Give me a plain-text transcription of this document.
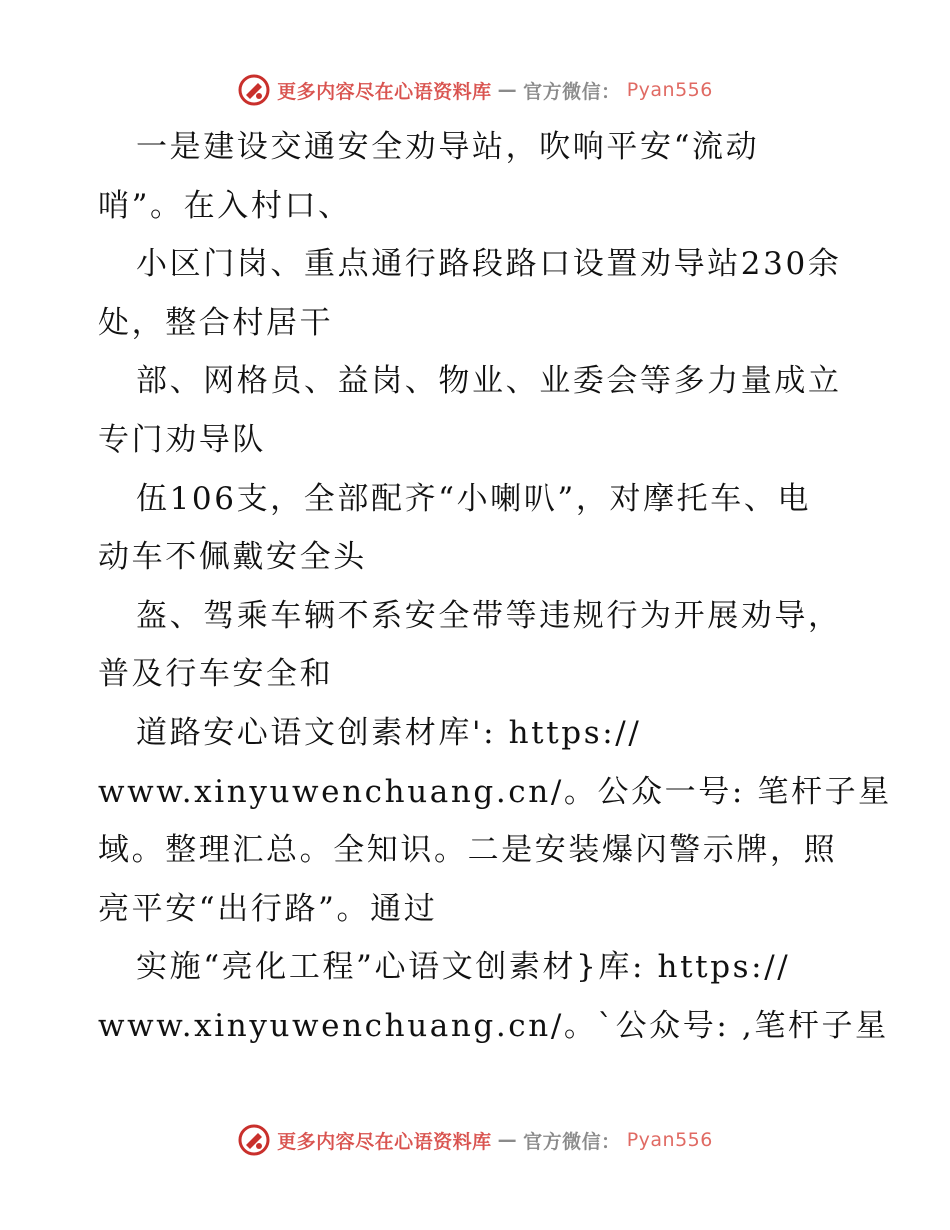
更多内容尽在心语资料库 — 官方微信： Pyan556
一是建设交通安全劝导站，吹响平安“流动
哨”。在入村口、
小区门岗、重点通行路段路口设置劝导站230余
处，整合村居干
部、网格员、益岗、物业、业委会等多力量成立
专门劝导队
伍106支，全部配齐“小喇叭”，对摩托车、电
动车不佩戴安全头
盔、驾乘车辆不系安全带等违规行为开展劝导，
普及行车安全和
道路安心语文创素材库': https://
www.xinyuwenchuang.cn/。公众一号: 笔杆子星
域。整理汇总。全知识。二是安装爆闪警示牌，照
亮平安“出行路”。通过
实施“亮化工程”心语文创素材}库: https://
www.xinyuwenchuang.cn/。`公众号: ,笔杆子星
更多内容尽在心语资料库 — 官方微信： Pyan556
